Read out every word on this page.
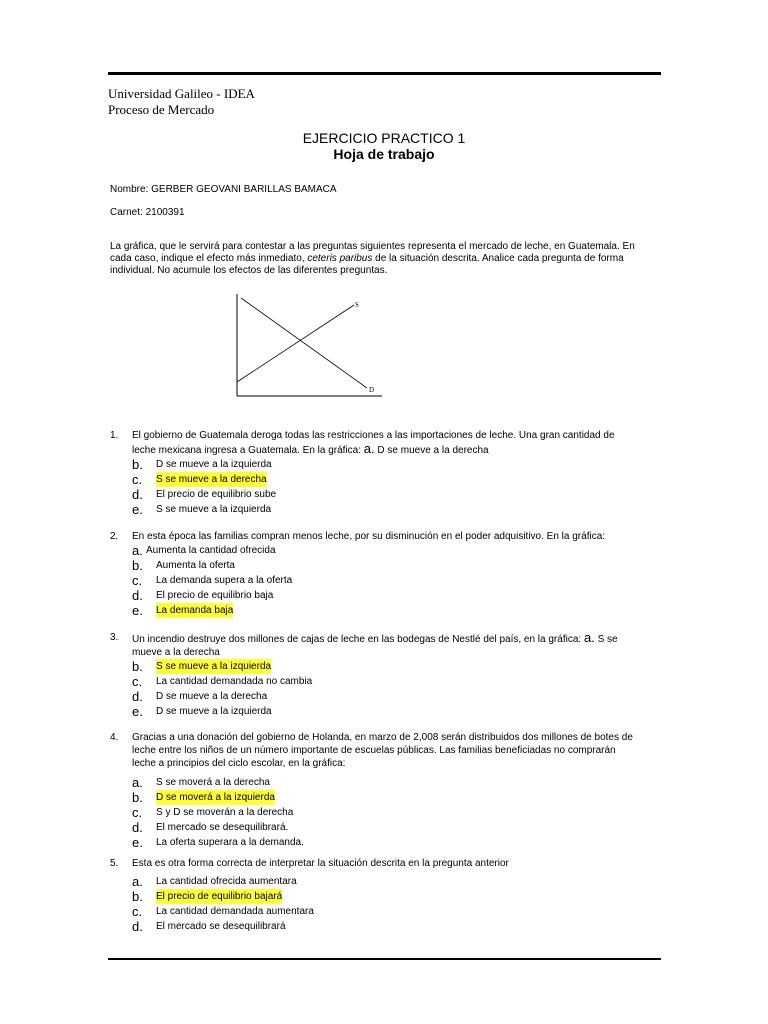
Universidad Galileo - IDEA
Proceso de Mercado
EJERCICIO PRACTICO 1
Hoja de trabajo
Nombre: GERBER GEOVANI BARILLAS BAMACA
Carnet: 2100391
La gráfica, que le servirá para contestar a las preguntas siguientes representa el mercado de leche, en Guatemala. En cada caso, indique el efecto más inmediato, ceteris paribus de la situación descrita. Analice cada pregunta de forma individual. No acumule los efectos de las diferentes preguntas.
S
D
1. El gobierno de Guatemala deroga todas las restricciones a las importaciones de leche. Una gran cantidad de leche mexicana ingresa a Guatemala. En la gráfica: a. D se mueve a la derecha
b. D se mueve a la izquierda
c. S se mueve a la derecha
d. El precio de equilibrio sube
e. S se mueve a la izquierda
2. En esta época las familias compran menos leche, por su disminución en el poder adquisitivo. En la gráfica:
a. Aumenta la cantidad ofrecida
b. Aumenta la oferta
c. La demanda supera a la oferta
d. El precio de equilibrio baja
e. La demanda baja
3. Un incendio destruye dos millones de cajas de leche en las bodegas de Nestlé del país, en la gráfica: a. S se mueve a la derecha
b. S se mueve a la izquierda
c. La cantidad demandada no cambia
d. D se mueve a la derecha
e. D se mueve a la izquierda
4. Gracias a una donación del gobierno de Holanda, en marzo de 2,008 serán distribuidos dos millones de botes de leche entre los niños de un número importante de escuelas públicas. Las familias beneficiadas no comprarán leche a principios del ciclo escolar, en la gráfica:
a. S se moverá a la derecha
b. D se moverá a la izquierda
c. S y D se moverán a la derecha
d. El mercado se desequilibrará.
e. La oferta superara a la demanda.
5. Esta es otra forma correcta de interpretar la situación descrita en la pregunta anterior
a. La cantidad ofrecida aumentara
b. El precio de equilibrio bajará
c. La cantidad demandada aumentara
d. El mercado se desequilibrará
